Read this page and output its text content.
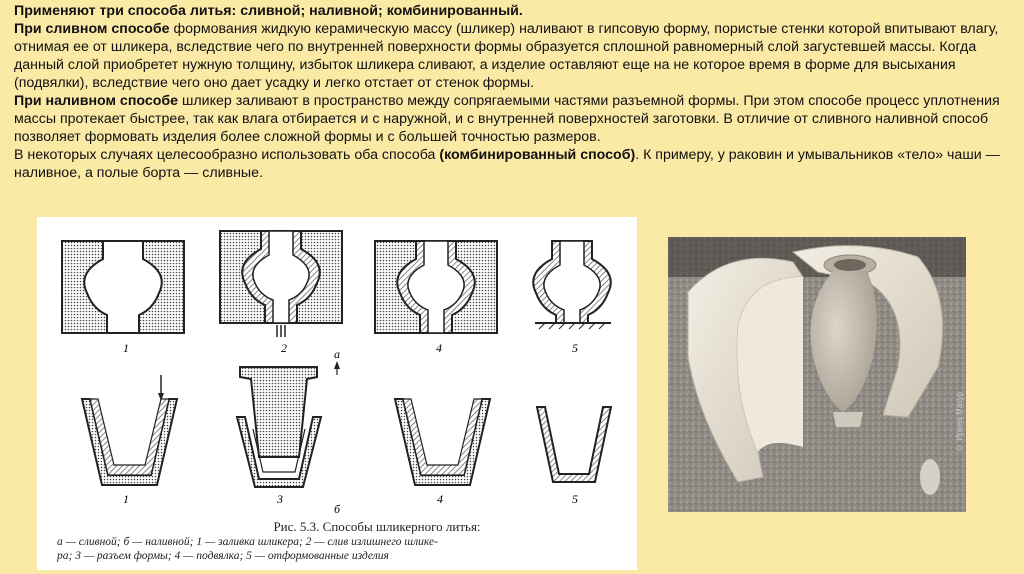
Применяют три способа литья: сливной; наливной; комбинированный.

При сливном способе формования жидкую керамическую массу (шликер) наливают в гипсовую форму, пористые стенки которой впитывают влагу, отнимая ее от шликера, вследствие чего по внутренней поверхности формы образуется сплошной равномерный слой загустевшей массы. Когда данный слой приобретет нужную толщину, избыток шликера сливают, а изделие оставляют еще на не которое время в форме для высыхания (подвялки), вследствие чего оно дает усадку и легко отстает от стенок формы.

При наливном способе шликер заливают в пространство между сопрягаемыми частями разъемной формы. При этом способе процесс уплотнения массы протекает быстрее, так как влага отбирается и с наружной, и с внутренней поверхностей заготовки. В отличие от сливного наливной способ позволяет формовать изделия более сложной формы и с большей точностью размеров.

В некоторых случаях целесообразно использовать оба способа (комбинированный способ). К примеру, у раковин и умывальников «тело» чаши — наливное, а полые борта — сливные.

1	2	4	5
а
1	3	4	5
б
Рис. 5.3. Способы шликерного литья:
а — сливной; б — наливной; 1 — заливка шликера; 2 — слив излишнего шлике-
ра; 3 — разъем формы; 4 — подвялка; 5 — отформованные изделия
© Ирина Мазур
